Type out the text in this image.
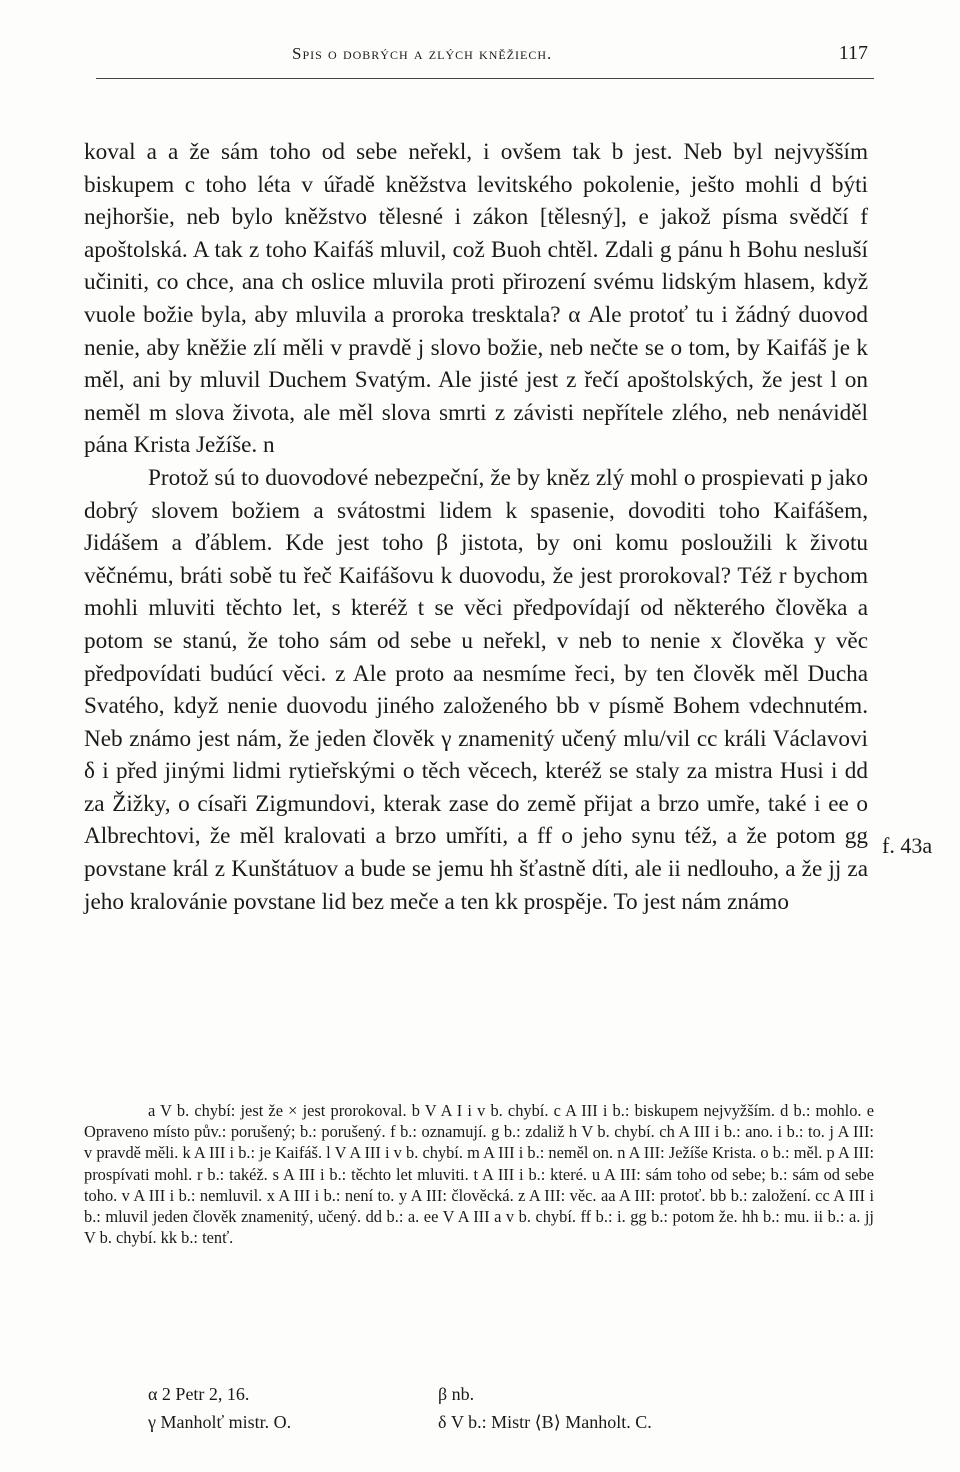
Spis o dobrých a zlých kněžiech.	117

koval a a že sám toho od sebe neřekl, i ovšem tak b jest. Neb byl nejvyšším biskupem c toho léta v úřadě kněžstva levitského pokolenie, ješto mohli d býti nejhoršie, neb bylo kněžstvo tělesné i zákon [tělesný], e jakož písma svědčí f apoštolská. A tak z toho Kaifáš mluvil, což Buoh chtěl. Zdali g pánu h Bohu nesluší učiniti, co chce, ana ch oslice mluvila proti přirození svému lidským hlasem, když vuole božie byla, aby mluvila a proroka tresktala? α Ale protoť tu i žádný duovod nenie, aby kněžie zlí měli v pravdě j slovo božie, neb nečte se o tom, by Kaifáš je k měl, ani by mluvil Duchem Svatým. Ale jisté jest z řečí apoštolských, že jest l on neměl m slova života, ale měl slova smrti z závisti nepřítele zlého, neb nenáviděl pána Krista Ježíše. n

Protož sú to duovodové nebezpeční, že by kněz zlý mohl o prospievati p jako dobrý slovem božiem a svátostmi lidem k spasenie, dovoditi toho Kaifášem, Jidášem a ďáblem. Kde jest toho β jistota, by oni komu posloužili k životu věčnému, bráti sobě tu řeč Kaifášovu k duovodu, že jest prorokoval? Též r bychom mohli mluviti těchto let, s kteréž t se věci předpovídají od některého člověka a potom se stanú, že toho sám od sebe u neřekl, v neb to nenie x člověka y věc předpovídati budúcí věci. z Ale proto aa nesmíme řeci, by ten člověk měl Ducha Svatého, když nenie duovodu jiného založeného bb v písmě Bohem vdechnutém. Neb známo jest nám, že jeden člověk γ znamenitý učený mlu/vil cc králi Václavovi δ i před jinými lidmi rytieřskými o těch věcech, kteréž se staly za mistra Husi i dd za Žižky, o císaři Zigmundovi, kterak zase do země přijat a brzo umře, také i ee o Albrechtovi, že měl kralovati a brzo umříti, a ff o jeho synu též, a že potom gg povstane král z Kunštátuov a bude se jemu hh šťastně díti, ale ii nedlouho, a že jj za jeho kralovánie povstane lid bez meče a ten kk prospěje. To jest nám známo

f. 43a

a V b. chybí: jest že × jest prorokoval. b V A I i v b. chybí. c A III i b.: biskupem nejvyžším. d b.: mohlo. e Opraveno místo pův.: porušený; b.: porušený. f b.: oznamují. g b.: zdaliž h V b. chybí. ch A III i b.: ano. i b.: to. j A III: v pravdě měli. k A III i b.: je Kaifáš. l V A III i v b. chybí. m A III i b.: neměl on. n A III: Ježíše Krista. o b.: měl. p A III: prospívati mohl. r b.: takéž. s A III i b.: těchto let mluviti. t A III i b.: které. u A III: sám toho od sebe; b.: sám od sebe toho. v A III i b.: nemluvil. x A III i b.: není to. y A III: člověcká. z A III: věc. aa A III: protoť. bb b.: založení. cc A III i b.: mluvil jeden člověk znamenitý, učený. dd b.: a. ee V A III a v b. chybí. ff b.: i. gg b.: potom že. hh b.: mu. ii b.: a. jj V b. chybí. kk b.: tenť.

α 2 Petr 2, 16.	β nb.
γ Manholť mistr. O.	δ V b.: Mistr ⟨B⟩ Manholt. C.
